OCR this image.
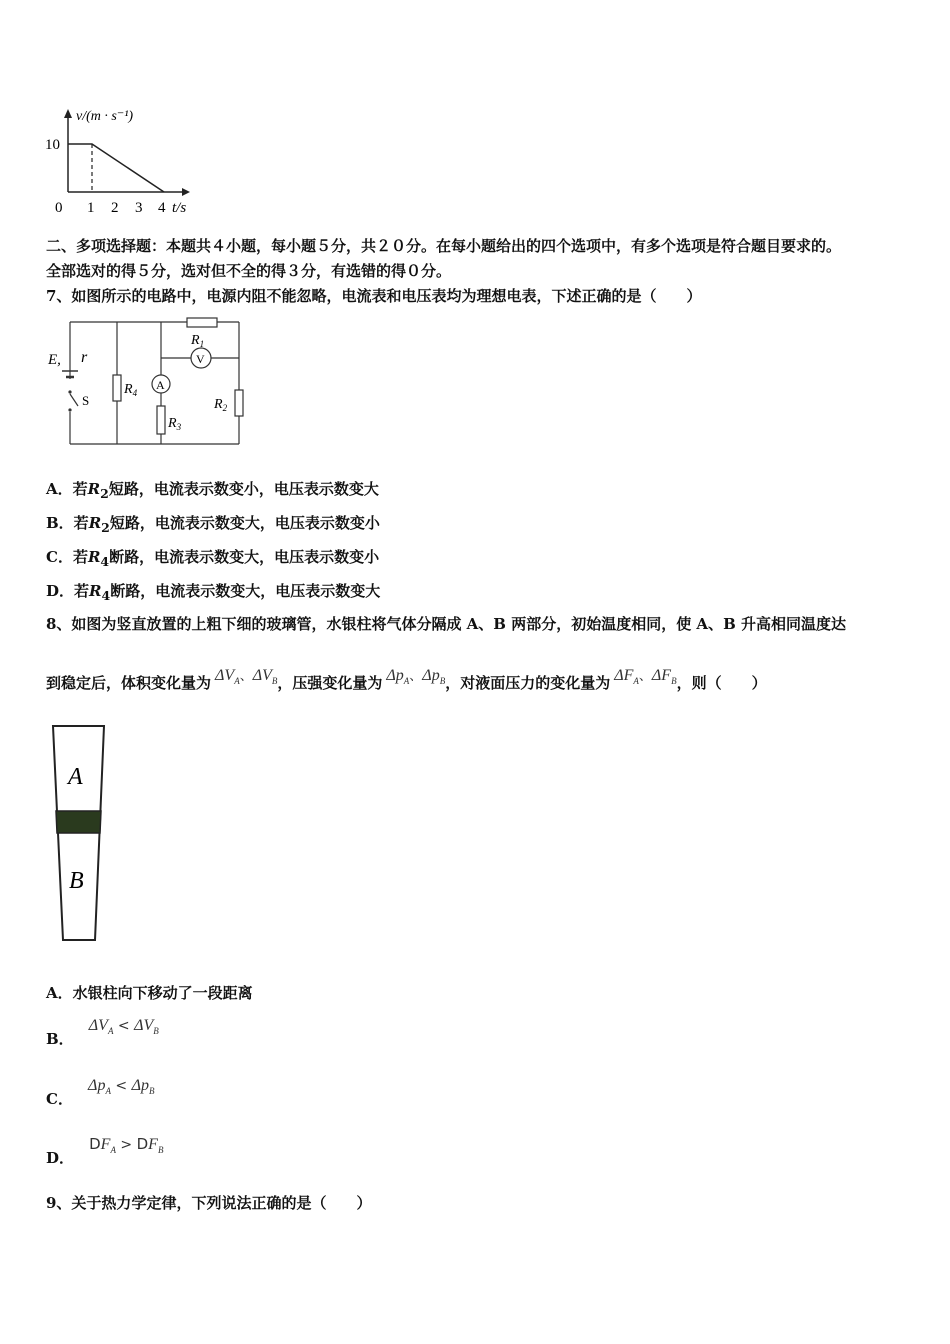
v/(m · s⁻¹)
10
0 1 2 3 4 t/s
二、多项选择题：本题共４小题，每小题５分，共２０分。在每小题给出的四个选项中，有多个选项是符合题目要求的。
全部选对的得５分，选对但不全的得３分，有选错的得０分。
7、如图所示的电路中，电源内阻不能忽略，电流表和电压表均为理想电表，下述正确的是（　　）
A
V
E, r
S
$R_1$
$R_4$
$R_3$
$R_2$
A．若$R_2$短路，电流表示数变小，电压表示数变大
B．若$R_2$短路，电流表示数变大，电压表示数变小
C．若$R_4$断路，电流表示数变大，电压表示数变小
D．若$R_4$断路，电流表示数变大，电压表示数变大
8、如图为竖直放置的上粗下细的玻璃管，水银柱将气体分隔成 A、B 两部分，初始温度相同，使 A、B 升高相同温度达
到稳定后，体积变化量为 $\Delta V_A$、$\Delta V_B$，压强变化量为 $\Delta p_A$、$\Delta p_B$，对液面压力的变化量为 $\Delta F_A$、$\Delta F_B$，则（　　）
A
B
A．水银柱向下移动了一段距离
B． $\Delta V_A < \Delta V_B$
C． $\Delta p_A < \Delta p_B$
D． $DF_A > DF_B$
9、关于热力学定律，下列说法正确的是（　　）
